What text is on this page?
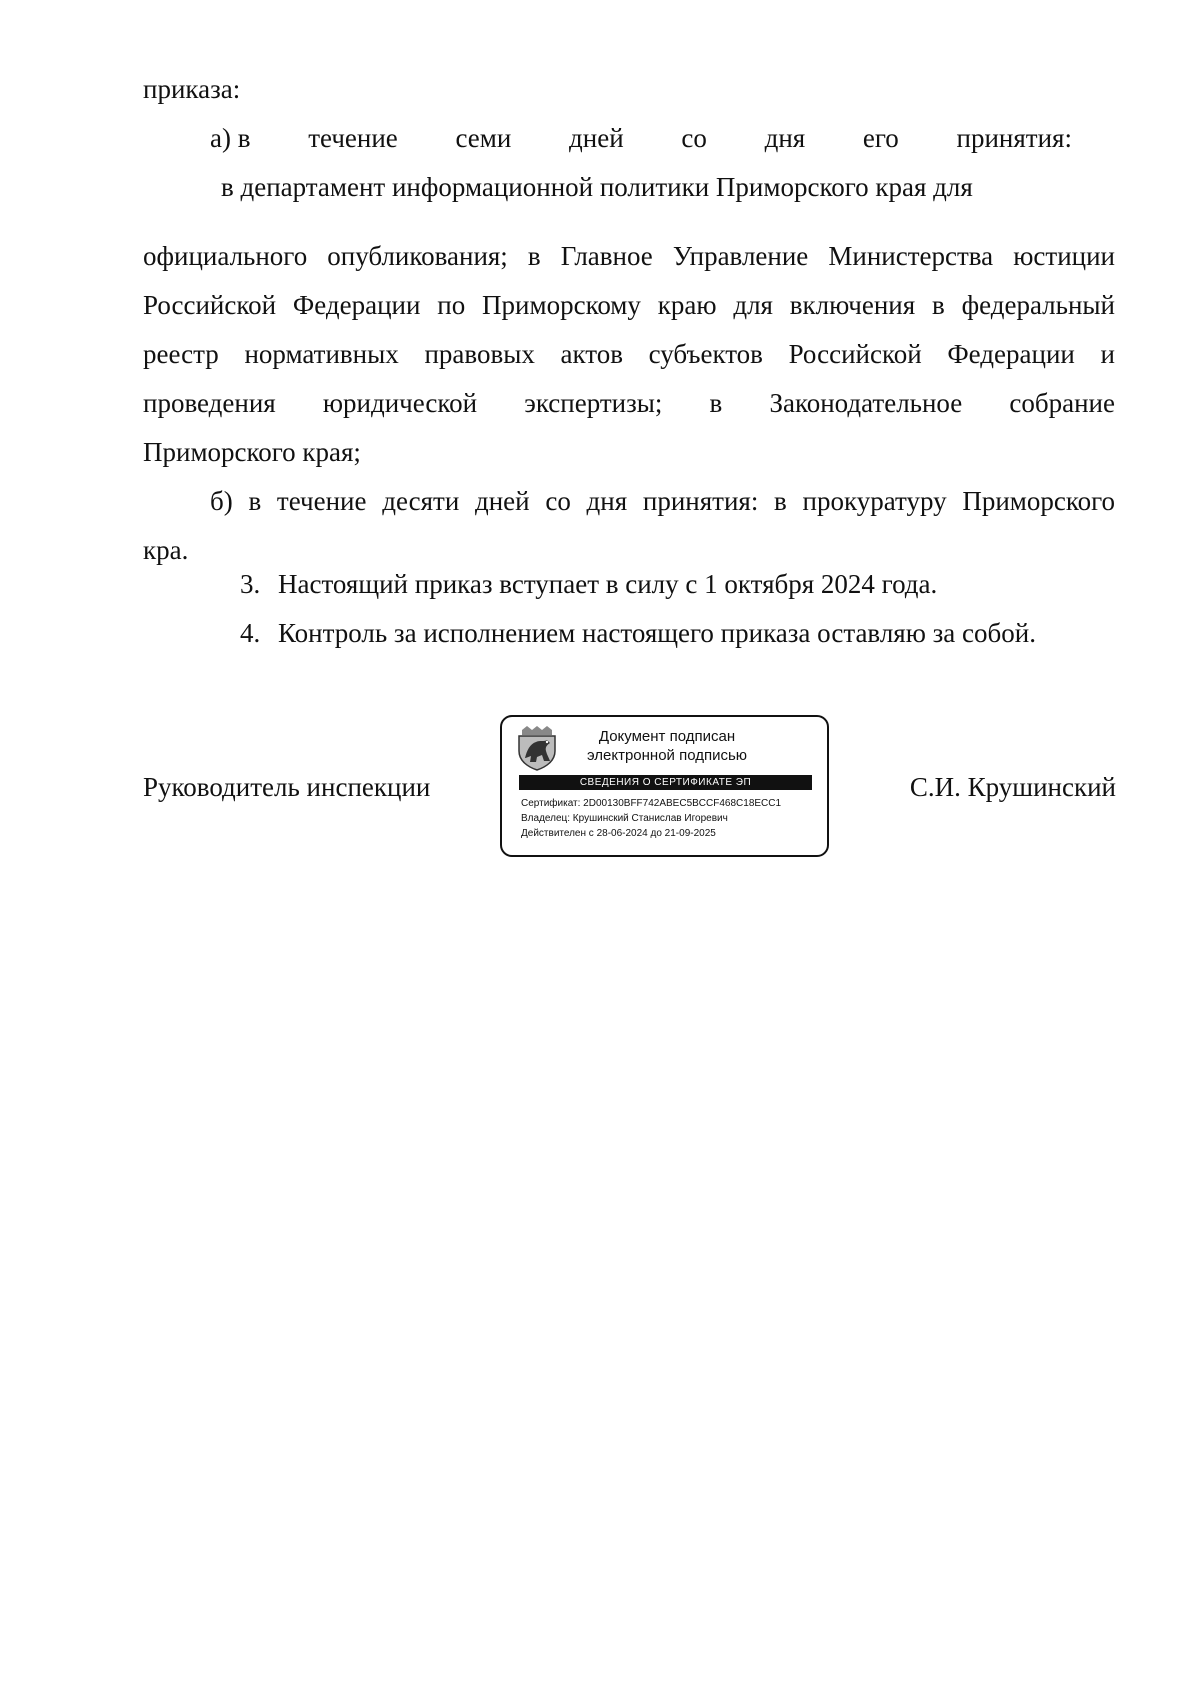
приказа:
а) в течение семи дней со дня его принятия:
в департамент информационной политики Приморского края для
официального опубликования; в Главное Управление Министерства юстиции
Российской Федерации по Приморскому краю для включения в федеральный
реестр нормативных правовых актов субъектов Российской Федерации и
проведения юридической экспертизы; в Законодательное собрание
Приморского края;
б) в течение десяти дней со дня принятия: в прокуратуру Приморского
кра.
3. Настоящий приказ вступает в силу с 1 октября 2024 года.
4. Контроль за исполнением настоящего приказа оставляю за собой.
Руководитель инспекции	С.И. Крушинский
Документ подписан
электронной подписью
СВЕДЕНИЯ О СЕРТИФИКАТЕ ЭП
Сертификат: 2D00130BFF742ABEC5BCCF468C18ECC1
Владелец: Крушинский Станислав Игоревич
Действителен с 28-06-2024 до 21-09-2025
